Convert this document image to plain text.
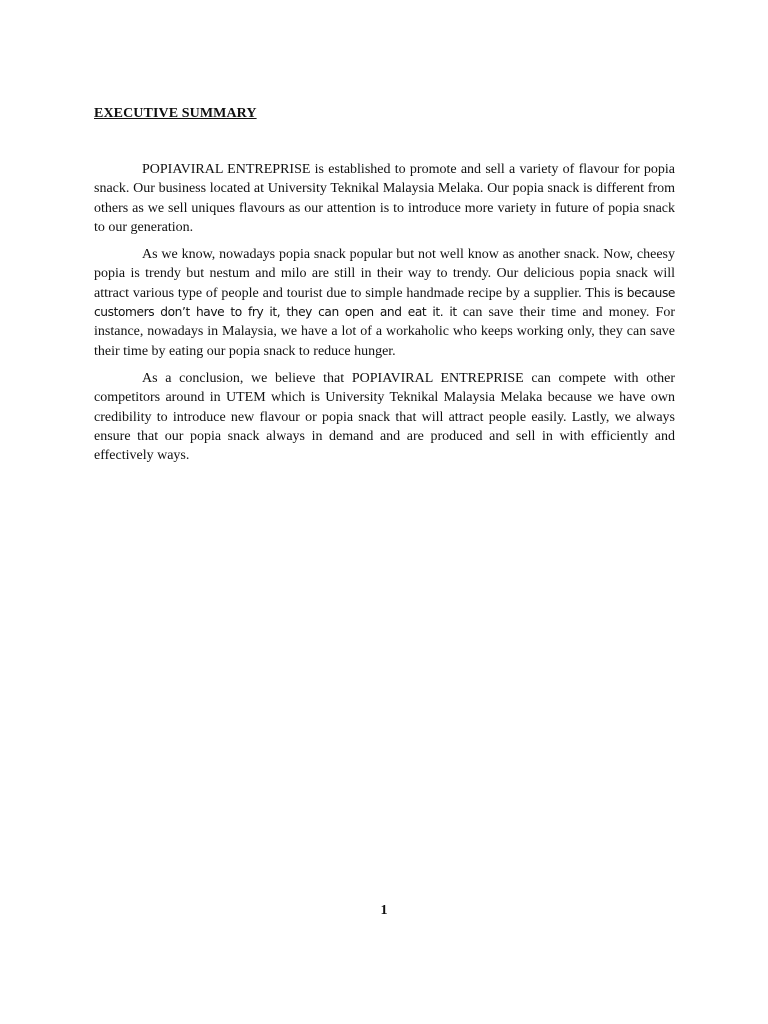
EXECUTIVE SUMMARY

POPIAVIRAL ENTREPRISE is established to promote and sell a variety of flavour for popia snack. Our business located at University Teknikal Malaysia Melaka. Our popia snack is different from others as we sell uniques flavours as our attention is to introduce more variety in future of popia snack to our generation.

As we know, nowadays popia snack popular but not well know as another snack. Now, cheesy popia is trendy but nestum and milo are still in their way to trendy. Our delicious popia snack will attract various type of people and tourist due to simple handmade recipe by a supplier. This is because customers don’t have to fry it, they can open and eat it. it can save their time and money. For instance, nowadays in Malaysia, we have a lot of a workaholic who keeps working only, they can save their time by eating our popia snack to reduce hunger.

As a conclusion, we believe that POPIAVIRAL ENTREPRISE can compete with other competitors around in UTEM which is University Teknikal Malaysia Melaka because we have own credibility to introduce new flavour or popia snack that will attract people easily. Lastly, we always ensure that our popia snack always in demand and are produced and sell in with efficiently and effectively ways.

1
